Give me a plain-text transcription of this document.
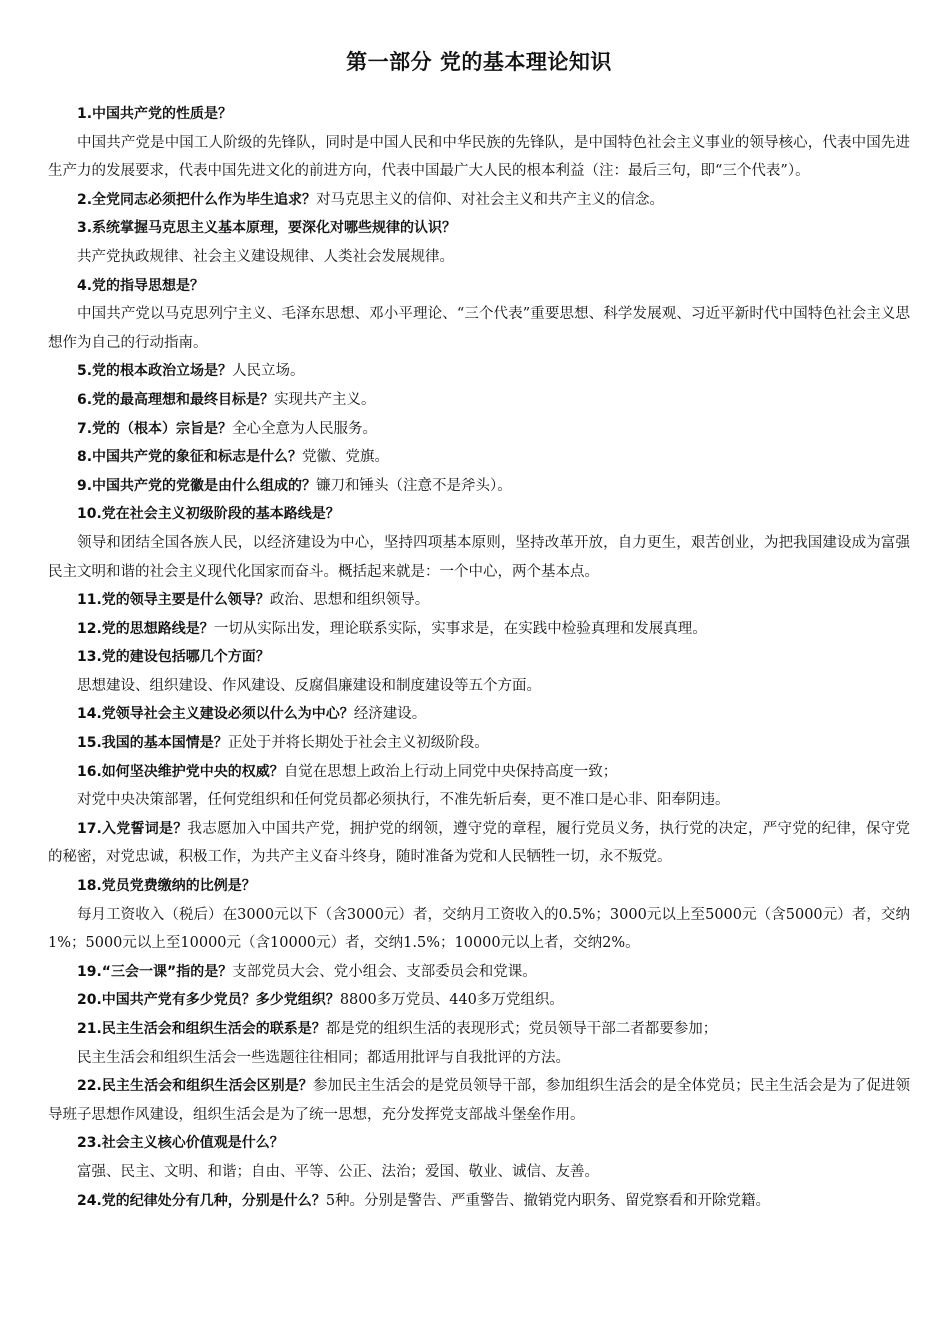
第一部分 党的基本理论知识

1.中国共产党的性质是？

中国共产党是中国工人阶级的先锋队，同时是中国人民和中华民族的先锋队，是中国特色社会主义事业的领导核心，代表中国先进生产力的发展要求，代表中国先进文化的前进方向，代表中国最广大人民的根本利益（注：最后三句，即“三个代表”）。

2.全党同志必须把什么作为毕生追求？对马克思主义的信仰、对社会主义和共产主义的信念。

3.系统掌握马克思主义基本原理，要深化对哪些规律的认识？

共产党执政规律、社会主义建设规律、人类社会发展规律。

4.党的指导思想是？

中国共产党以马克思列宁主义、毛泽东思想、邓小平理论、“三个代表”重要思想、科学发展观、习近平新时代中国特色社会主义思想作为自己的行动指南。

5.党的根本政治立场是？人民立场。

6.党的最高理想和最终目标是？实现共产主义。

7.党的（根本）宗旨是？全心全意为人民服务。

8.中国共产党的象征和标志是什么？党徽、党旗。

9.中国共产党的党徽是由什么组成的？镰刀和锤头（注意不是斧头）。

10.党在社会主义初级阶段的基本路线是？

领导和团结全国各族人民，以经济建设为中心，坚持四项基本原则，坚持改革开放，自力更生，艰苦创业，为把我国建设成为富强民主文明和谐的社会主义现代化国家而奋斗。概括起来就是：一个中心，两个基本点。

11.党的领导主要是什么领导？政治、思想和组织领导。

12.党的思想路线是？一切从实际出发，理论联系实际，实事求是，在实践中检验真理和发展真理。

13.党的建设包括哪几个方面？

思想建设、组织建设、作风建设、反腐倡廉建设和制度建设等五个方面。

14.党领导社会主义建设必须以什么为中心？经济建设。

15.我国的基本国情是？正处于并将长期处于社会主义初级阶段。

16.如何坚决维护党中央的权威？自觉在思想上政治上行动上同党中央保持高度一致；

对党中央决策部署，任何党组织和任何党员都必须执行，不准先斩后奏，更不准口是心非、阳奉阴违。

17.入党誓词是？我志愿加入中国共产党，拥护党的纲领，遵守党的章程，履行党员义务，执行党的决定，严守党的纪律，保守党的秘密，对党忠诚，积极工作，为共产主义奋斗终身，随时准备为党和人民牺牲一切，永不叛党。

18.党员党费缴纳的比例是？

每月工资收入（税后）在3000元以下（含3000元）者，交纳月工资收入的0.5%；3000元以上至5000元（含5000元）者，交纳1%；5000元以上至10000元（含10000元）者，交纳1.5%；10000元以上者，交纳2%。

19.“三会一课”指的是？支部党员大会、党小组会、支部委员会和党课。

20.中国共产党有多少党员？多少党组织？8800多万党员、440多万党组织。

21.民主生活会和组织生活会的联系是？都是党的组织生活的表现形式；党员领导干部二者都要参加；

民主生活会和组织生活会一些选题往往相同；都适用批评与自我批评的方法。

22.民主生活会和组织生活会区别是？参加民主生活会的是党员领导干部，参加组织生活会的是全体党员；民主生活会是为了促进领导班子思想作风建设，组织生活会是为了统一思想，充分发挥党支部战斗堡垒作用。

23.社会主义核心价值观是什么？

富强、民主、文明、和谐；自由、平等、公正、法治；爱国、敬业、诚信、友善。

24.党的纪律处分有几种，分别是什么？5种。分别是警告、严重警告、撤销党内职务、留党察看和开除党籍。
